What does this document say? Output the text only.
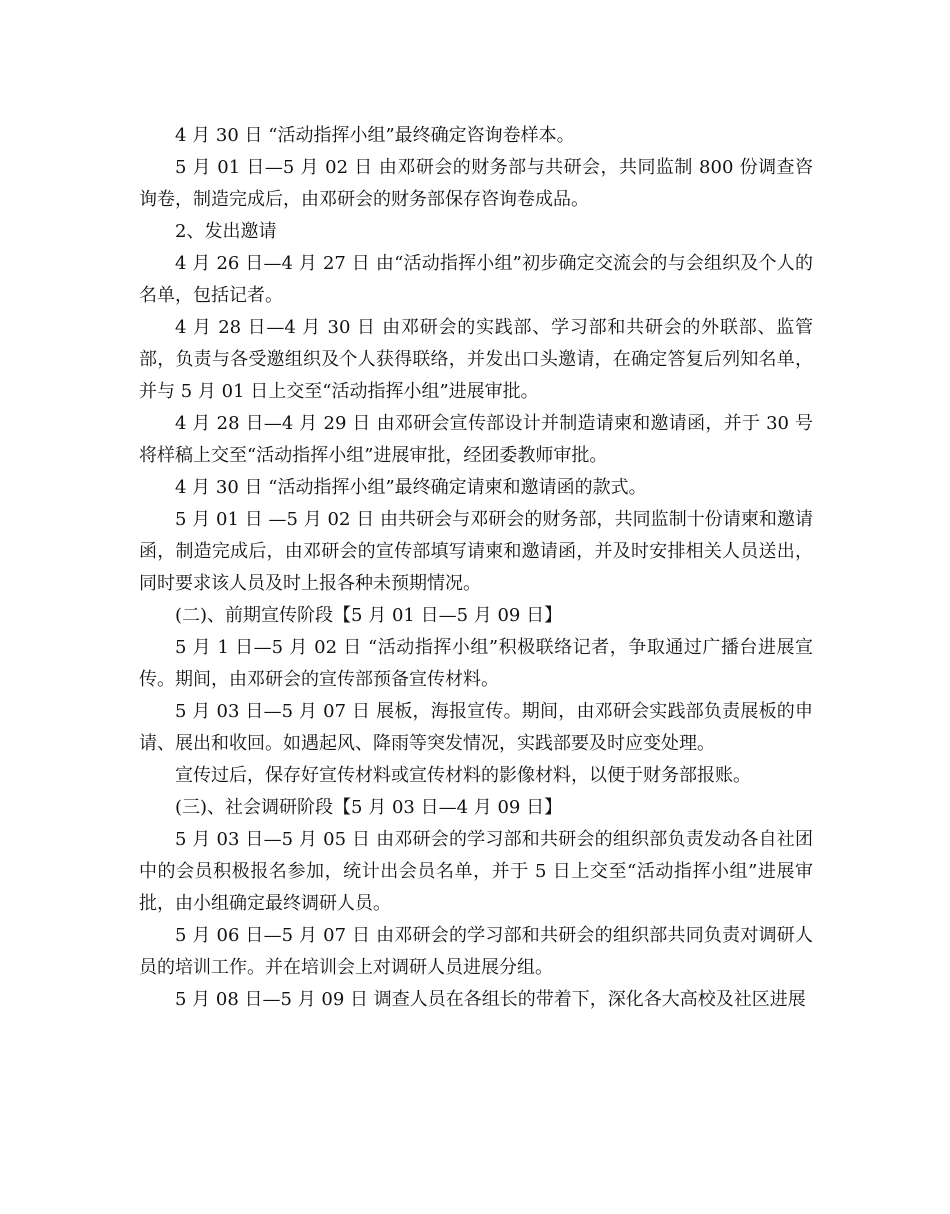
4 月 30 日 “活动指挥小组”最终确定咨询卷样本。

5 月 01 日—5 月 02 日 由邓研会的财务部与共研会，共同监制 800 份调查咨询卷，制造完成后，由邓研会的财务部保存咨询卷成品。

2、发出邀请

4 月 26 日—4 月 27 日 由“活动指挥小组”初步确定交流会的与会组织及个人的名单，包括记者。

4 月 28 日—4 月 30 日 由邓研会的实践部、学习部和共研会的外联部、监管部，负责与各受邀组织及个人获得联络，并发出口头邀请，在确定答复后列知名单，并与 5 月 01 日上交至“活动指挥小组”进展审批。

4 月 28 日—4 月 29 日 由邓研会宣传部设计并制造请柬和邀请函，并于 30 号将样稿上交至“活动指挥小组”进展审批，经团委教师审批。

4 月 30 日 “活动指挥小组”最终确定请柬和邀请函的款式。

5 月 01 日 —5 月 02 日 由共研会与邓研会的财务部，共同监制十份请柬和邀请函，制造完成后，由邓研会的宣传部填写请柬和邀请函，并及时安排相关人员送出，同时要求该人员及时上报各种未预期情况。

(二)、前期宣传阶段【5 月 01 日—5 月 09 日】

5 月 1 日—5 月 02 日 “活动指挥小组”积极联络记者，争取通过广播台进展宣传。期间，由邓研会的宣传部预备宣传材料。

5 月 03 日—5 月 07 日 展板，海报宣传。期间，由邓研会实践部负责展板的申请、展出和收回。如遇起风、降雨等突发情况，实践部要及时应变处理。

宣传过后，保存好宣传材料或宣传材料的影像材料，以便于财务部报账。

(三)、社会调研阶段【5 月 03 日—4 月 09 日】

5 月 03 日—5 月 05 日 由邓研会的学习部和共研会的组织部负责发动各自社团中的会员积极报名参加，统计出会员名单，并于 5 日上交至“活动指挥小组”进展审批，由小组确定最终调研人员。

5 月 06 日—5 月 07 日 由邓研会的学习部和共研会的组织部共同负责对调研人员的培训工作。并在培训会上对调研人员进展分组。

5 月 08 日—5 月 09 日 调查人员在各组长的带着下，深化各大高校及社区进展
